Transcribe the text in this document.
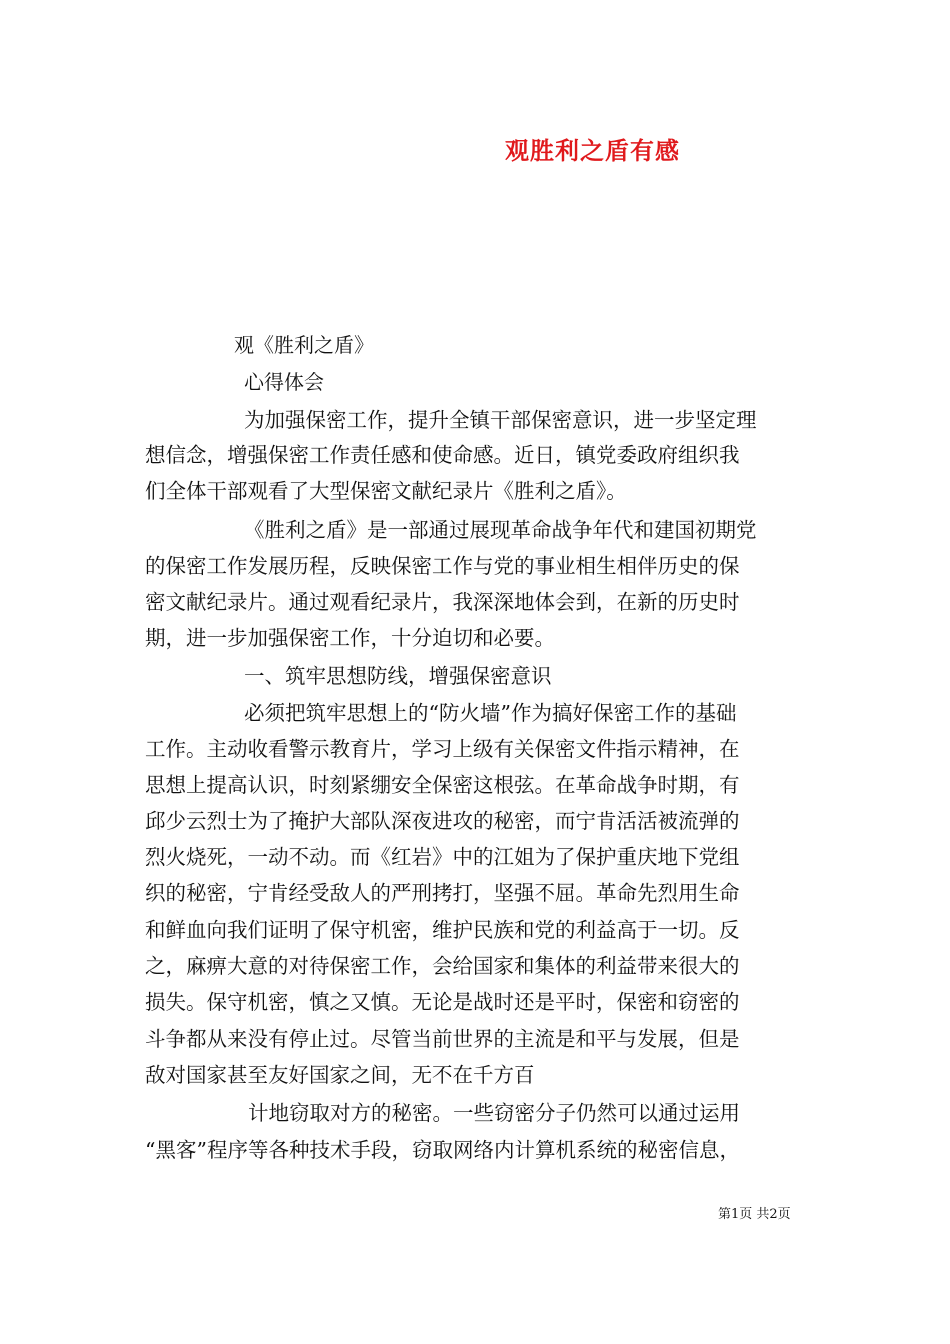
观胜利之盾有感
观《胜利之盾》
心得体会
为加强保密工作，提升全镇干部保密意识，进一步坚定理
想信念，增强保密工作责任感和使命感。近日，镇党委政府组织我
们全体干部观看了大型保密文献纪录片《胜利之盾》。
《胜利之盾》是一部通过展现革命战争年代和建国初期党
的保密工作发展历程，反映保密工作与党的事业相生相伴历史的保
密文献纪录片。通过观看纪录片，我深深地体会到，在新的历史时
期，进一步加强保密工作，十分迫切和必要。
一、筑牢思想防线，增强保密意识
必须把筑牢思想上的“防火墙”作为搞好保密工作的基础
工作。主动收看警示教育片，学习上级有关保密文件指示精神，在
思想上提高认识，时刻紧绷安全保密这根弦。在革命战争时期，有
邱少云烈士为了掩护大部队深夜进攻的秘密，而宁肯活活被流弹的
烈火烧死，一动不动。而《红岩》中的江姐为了保护重庆地下党组
织的秘密，宁肯经受敌人的严刑拷打，坚强不屈。革命先烈用生命
和鲜血向我们证明了保守机密，维护民族和党的利益高于一切。反
之，麻痹大意的对待保密工作，会给国家和集体的利益带来很大的
损失。保守机密，慎之又慎。无论是战时还是平时，保密和窃密的
斗争都从来没有停止过。尽管当前世界的主流是和平与发展，但是
敌对国家甚至友好国家之间，无不在千方百
计地窃取对方的秘密。一些窃密分子仍然可以通过运用
“黑客”程序等各种技术手段，窃取网络内计算机系统的秘密信息，
第1页 共2页
